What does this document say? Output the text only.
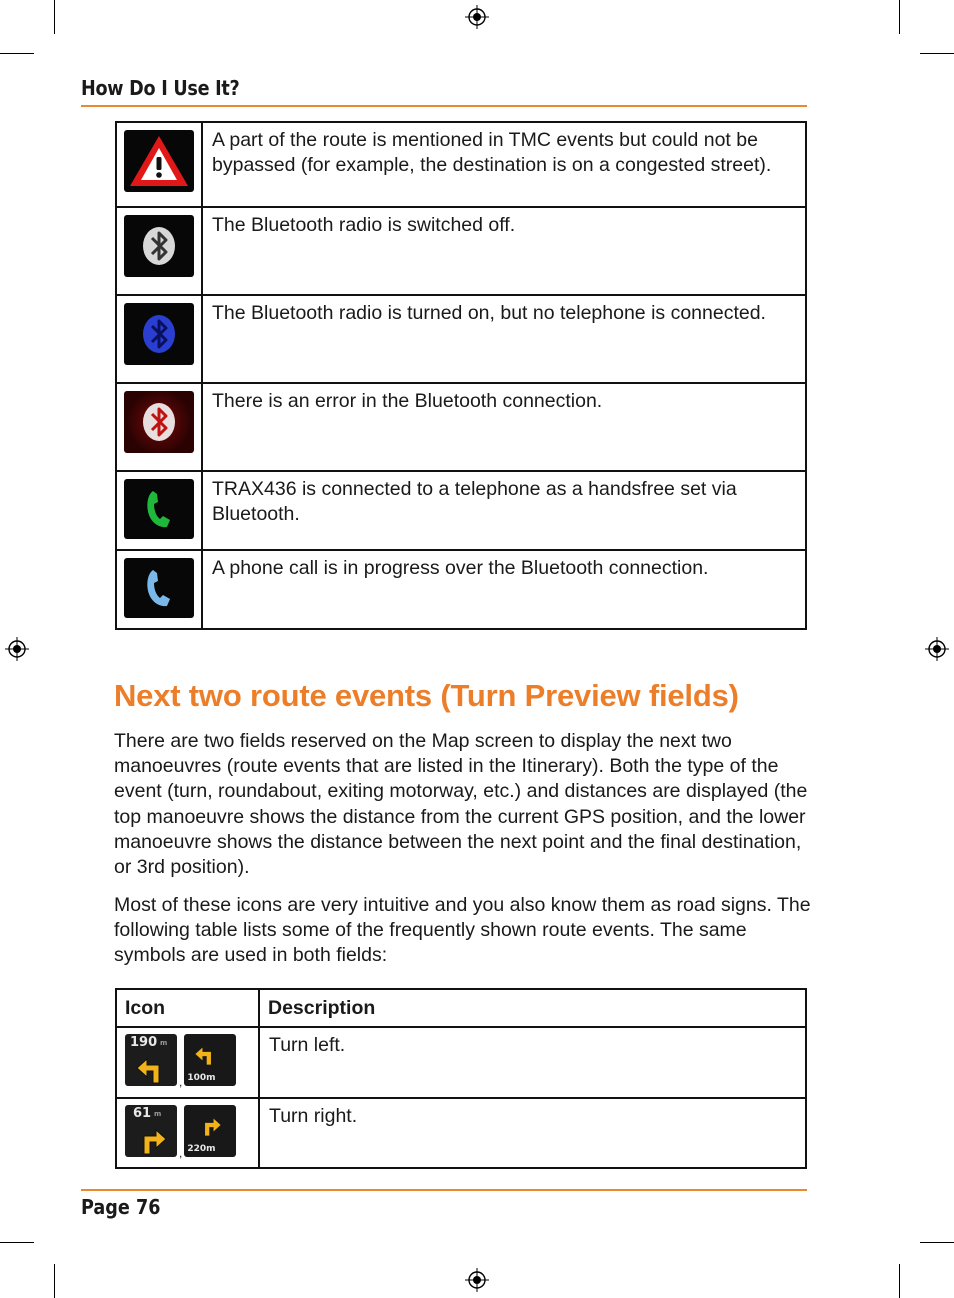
How Do I Use It?
	A part of the route is mentioned in TMC events but could not be bypassed (for example, the destination is on a congested street).

	The Bluetooth radio is switched off.

	The Bluetooth radio is turned on, but no telephone is connected.

	There is an error in the Bluetooth connection.

	TRAX436 is connected to a telephone as a handsfree set via Bluetooth.

	A phone call is in progress over the Bluetooth connection.
Next two route events (Turn Preview fields)

There are two fields reserved on the Map screen to display the next two manoeuvres (route events that are listed in the Itinerary). Both the type of the event (turn, roundabout, exiting motorway, etc.) and distances are displayed (the top manoeuvre shows the distance from the current GPS position, and the lower manoeuvre shows the distance between the next point and the final destination, or 3rd position).

Most of these icons are very intuitive and you also know them as road signs. The following table lists some of the frequently shown route events. The same symbols are used in both fields:

Icon	Description

190 m
, 100m	Turn left.

61 m
, 220m	Turn right.
Page 76
